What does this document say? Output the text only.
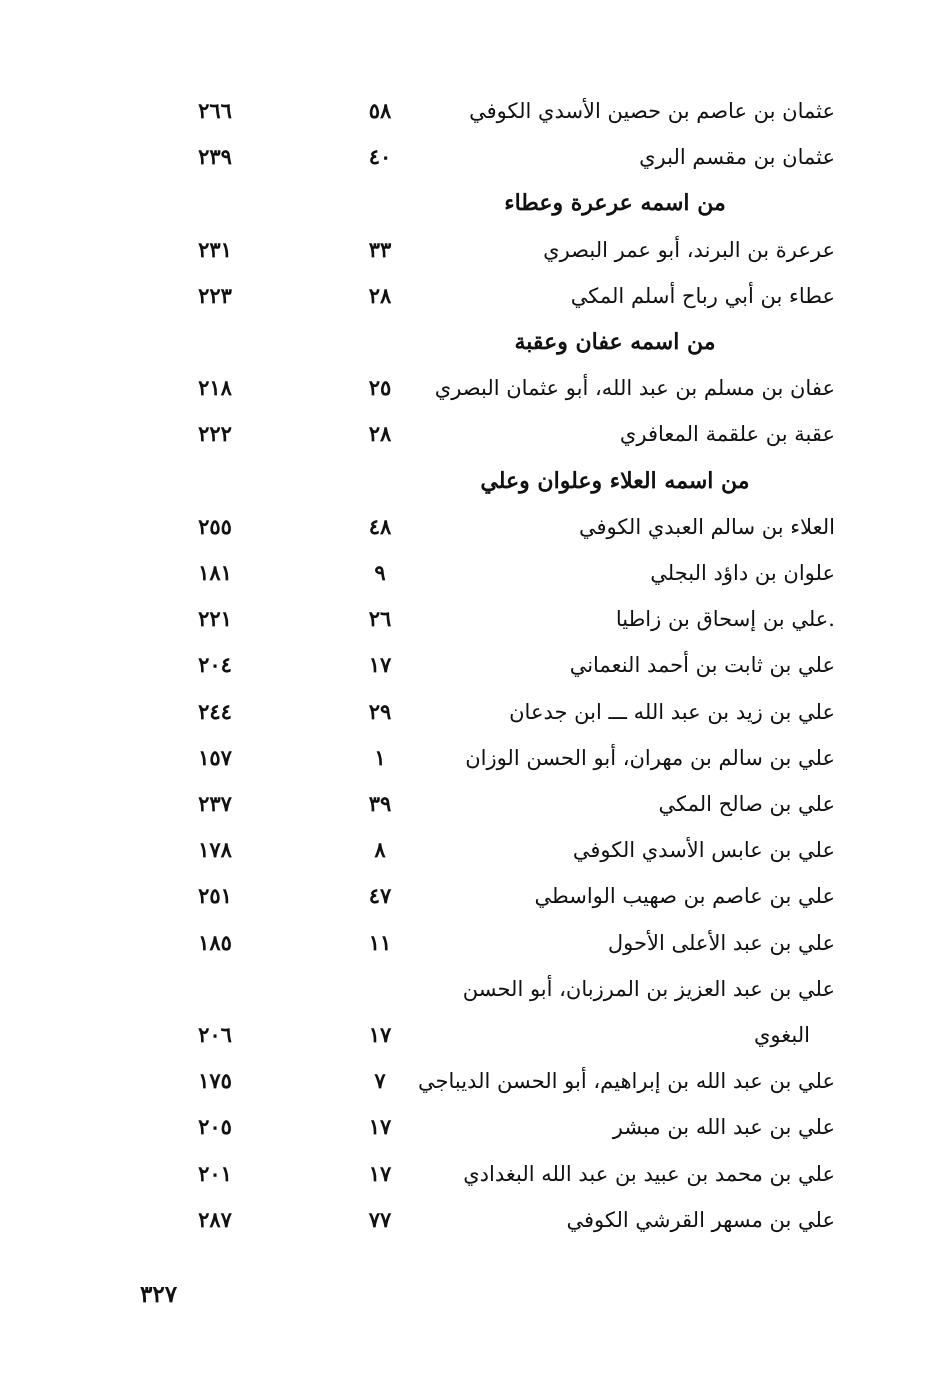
عثمان بن عاصم بن حصين الأسدي الكوفي
٥٨
٢٦٦
عثمان بن مقسم البري
٤٠
٢٣٩
من اسمه عرعرة وعطاء
عرعرة بن البرند، أبو عمر البصري
٣٣
٢٣١
عطاء بن أبي رباح أسلم المكي
٢٨
٢٢٣
من اسمه عفان وعقبة
عفان بن مسلم بن عبد الله، أبو عثمان البصري
٢٥
٢١٨
عقبة بن علقمة المعافري
٢٨
٢٢٢
من اسمه العلاء وعلوان وعلي
العلاء بن سالم العبدي الكوفي
٤٨
٢٥٥
علوان بن داؤد البجلي
٩
١٨١
.علي بن إسحاق بن زاطيا
٢٦
٢٢١
علي بن ثابت بن أحمد النعماني
١٧
٢٠٤
علي بن زيد بن عبد الله ـــ ابن جدعان
٢٩
٢٤٤
علي بن سالم بن مهران، أبو الحسن الوزان
١
١٥٧
علي بن صالح المكي
٣٩
٢٣٧
علي بن عابس الأسدي الكوفي
٨
١٧٨
علي بن عاصم بن صهيب الواسطي
٤٧
٢٥١
علي بن عبد الأعلى الأحول
١١
١٨٥
علي بن عبد العزيز بن المرزبان، أبو الحسن
البغوي
١٧
٢٠٦
علي بن عبد الله بن إبراهيم، أبو الحسن الديباجي
٧
١٧٥
علي بن عبد الله بن مبشر
١٧
٢٠٥
علي بن محمد بن عبيد بن عبد الله البغدادي
١٧
٢٠١
علي بن مسهر القرشي الكوفي
٧٧
٢٨٧
٣٢٧
